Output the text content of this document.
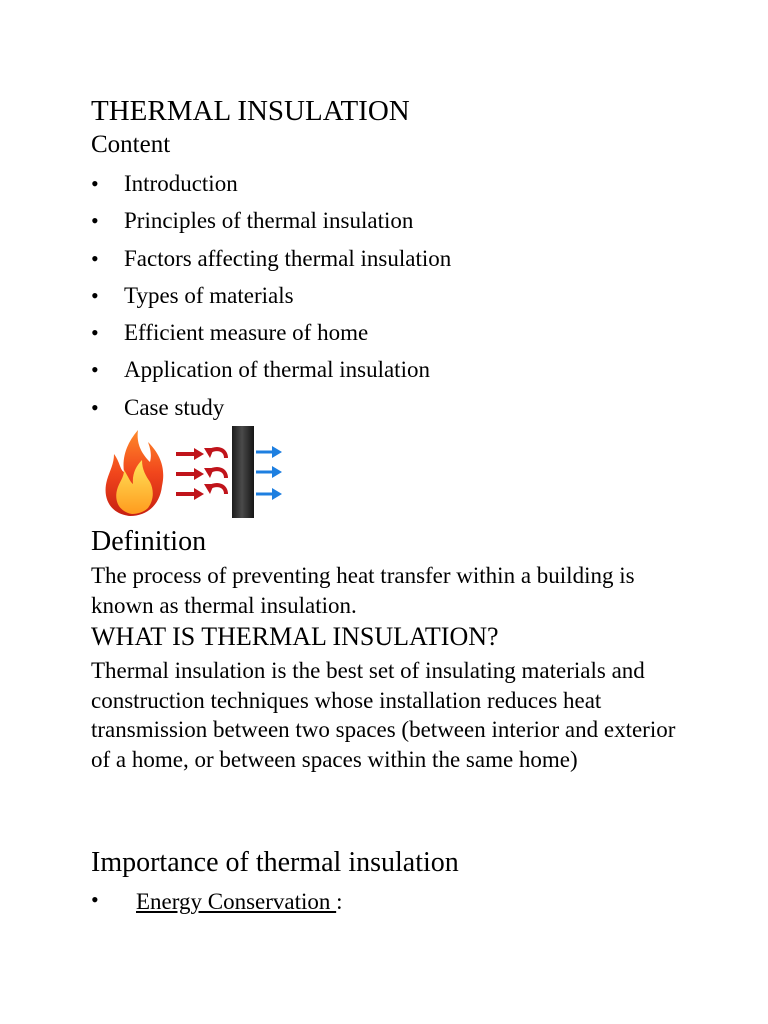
THERMAL INSULATION
Content
• Introduction
• Principles of thermal insulation
• Factors affecting thermal insulation
• Types of materials
• Efficient measure of home
• Application of thermal insulation
• Case study
Definition
The process of preventing heat transfer within a building is known as thermal insulation.
WHAT IS THERMAL INSULATION?
Thermal insulation is the best set of insulating materials and construction techniques whose installation reduces heat transmission between two spaces (between interior and exterior of a home, or between spaces within the same home)
Importance of thermal insulation
• Energy Conservation :
